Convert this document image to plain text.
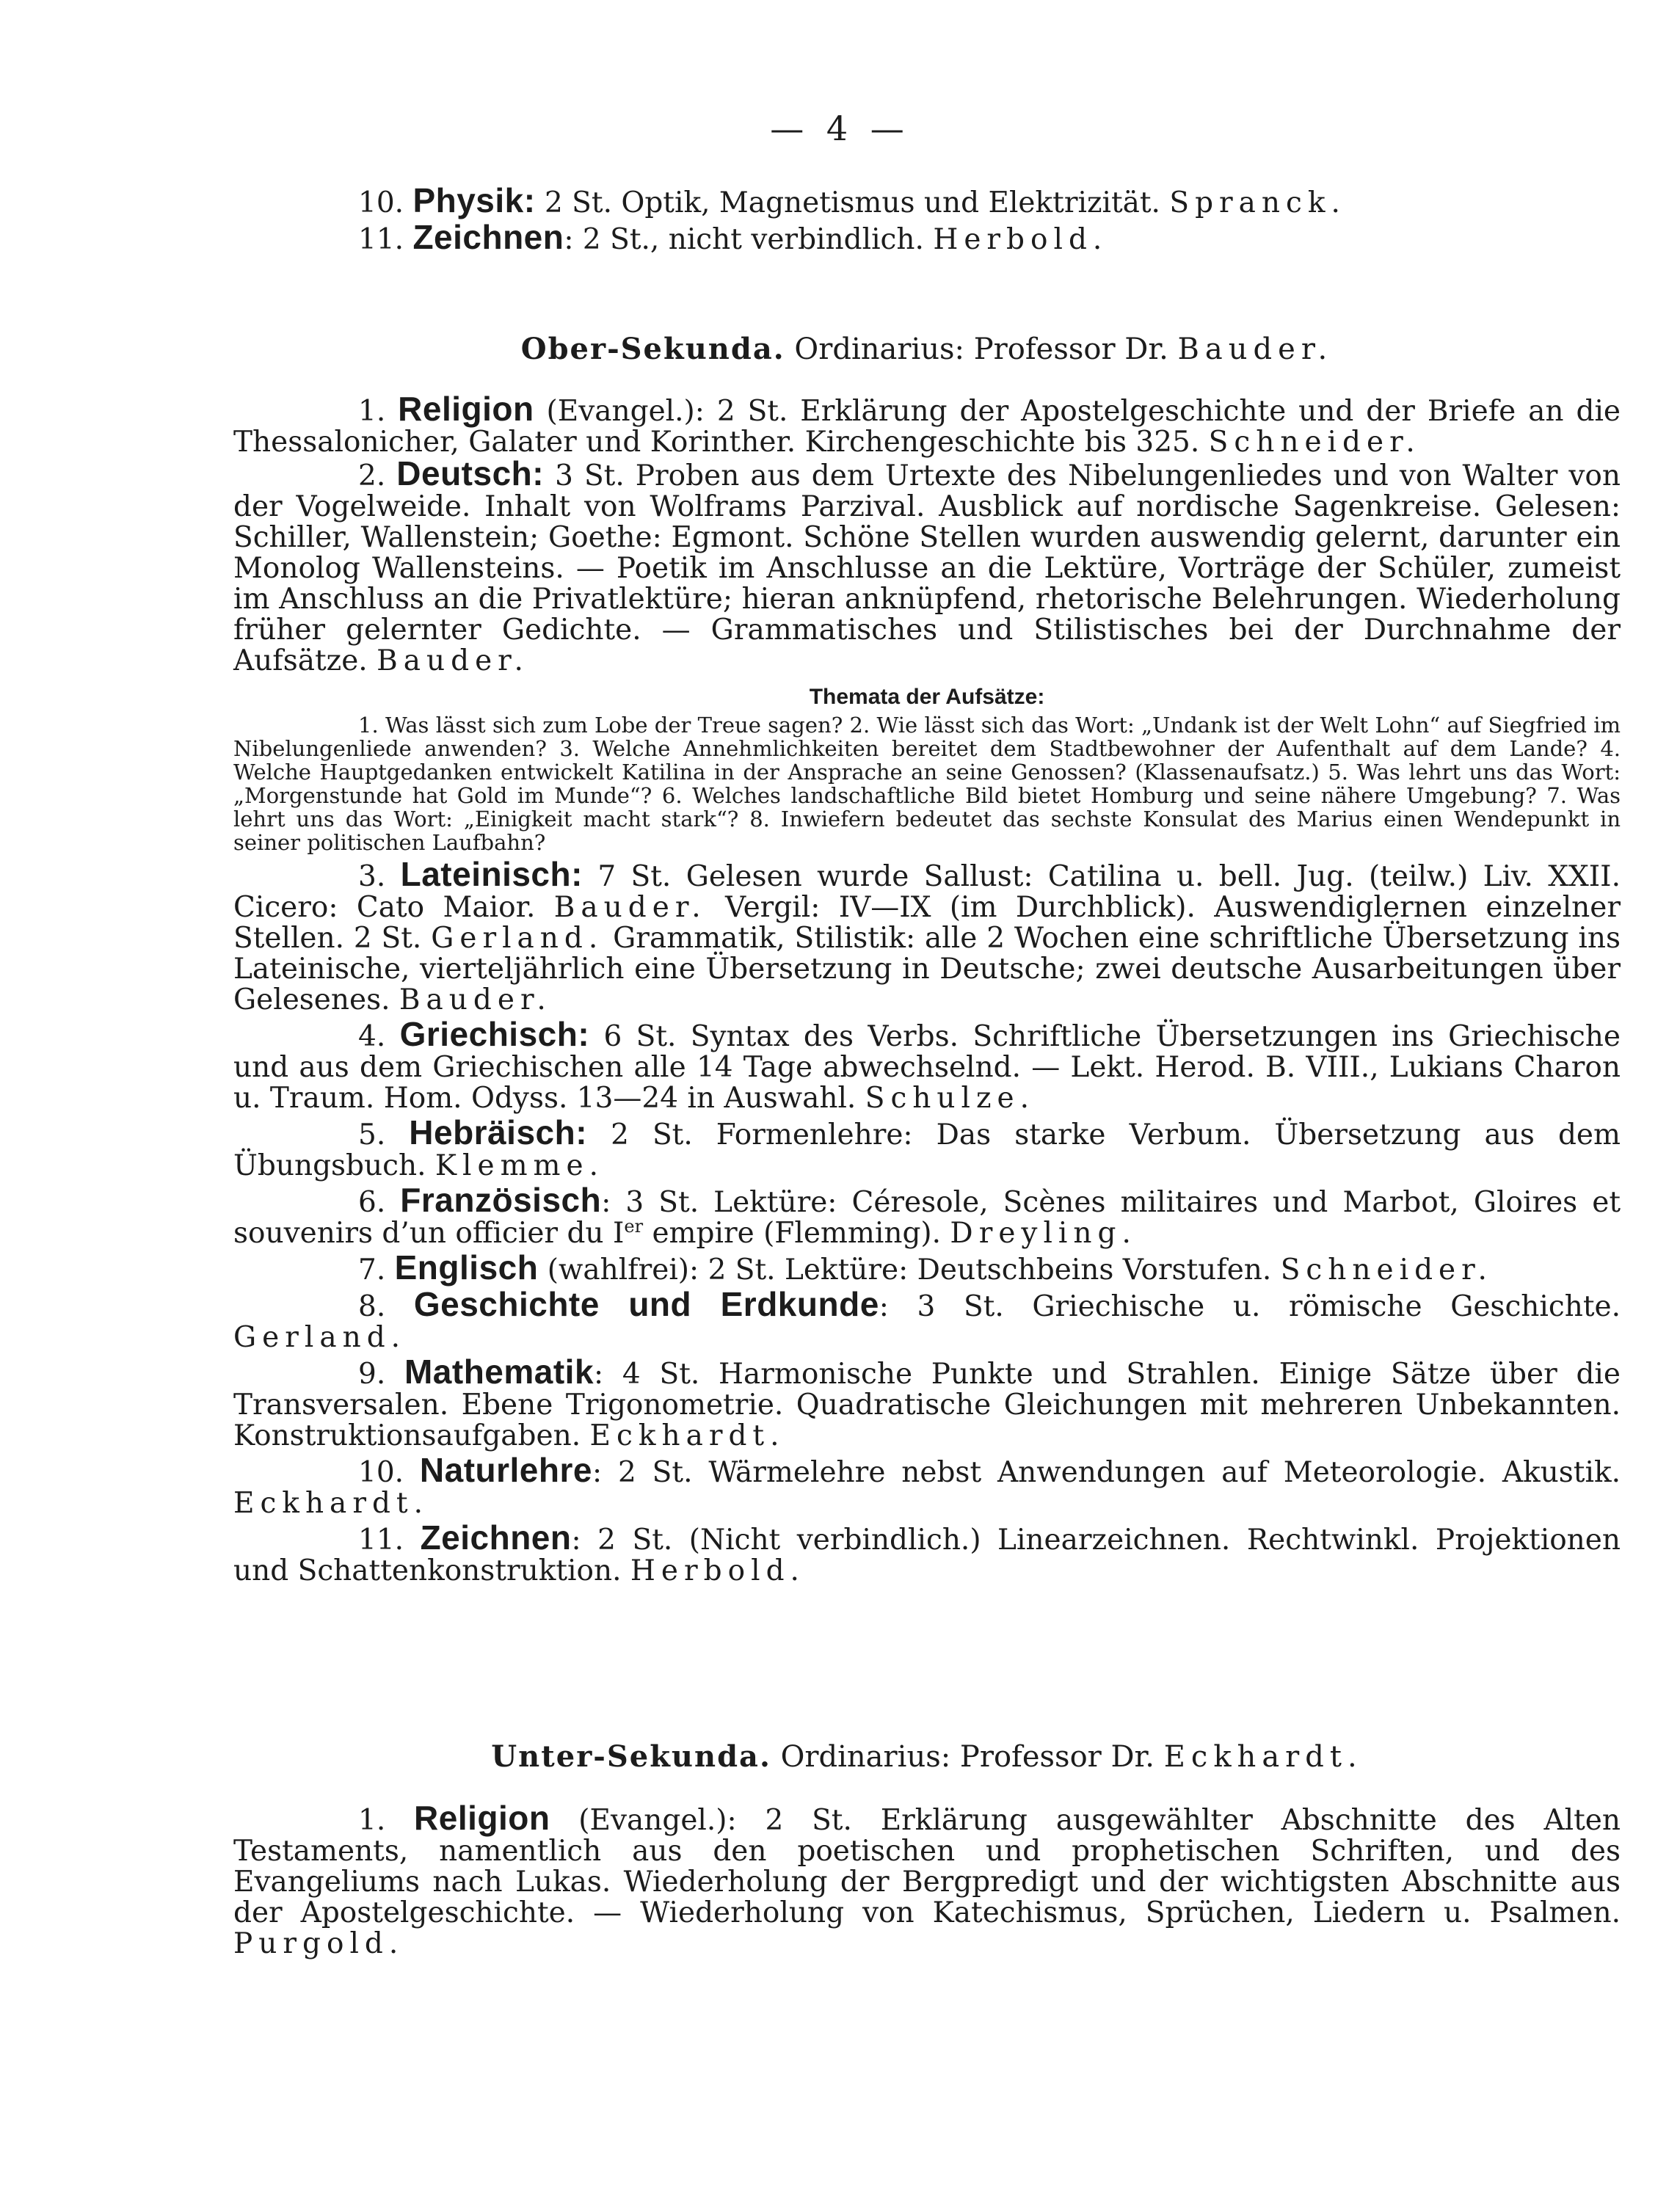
— 4 —

10. Physik: 2 St. Optik, Magnetismus und Elektrizität. Spranck.

11. Zeichnen: 2 St., nicht verbindlich. Herbold.

Ober-Sekunda. Ordinarius: Professor Dr. Bauder.

1. Religion (Evangel.): 2 St. Erklärung der Apostelgeschichte und der Briefe an die Thessalonicher, Galater und Korinther. Kirchengeschichte bis 325. Schneider.

2. Deutsch: 3 St. Proben aus dem Urtexte des Nibelungenliedes und von Walter von der Vogelweide. Inhalt von Wolframs Parzival. Ausblick auf nordische Sagenkreise. Gelesen: Schiller, Wallenstein; Goethe: Egmont. Schöne Stellen wurden auswendig gelernt, darunter ein Monolog Wallensteins. — Poetik im Anschlusse an die Lektüre, Vorträge der Schüler, zumeist im Anschluss an die Privatlektüre; hieran anknüpfend, rhetorische Belehrungen. Wiederholung früher gelernter Gedichte. — Grammatisches und Stilistisches bei der Durchnahme der Aufsätze. Bauder.

Themata der Aufsätze:

1. Was lässt sich zum Lobe der Treue sagen? 2. Wie lässt sich das Wort: „Undank ist der Welt Lohn“ auf Siegfried im Nibelungenliede anwenden? 3. Welche Annehmlichkeiten bereitet dem Stadtbewohner der Aufenthalt auf dem Lande? 4. Welche Hauptgedanken entwickelt Katilina in der Ansprache an seine Genossen? (Klassenaufsatz.) 5. Was lehrt uns das Wort: „Morgenstunde hat Gold im Munde“? 6. Welches landschaftliche Bild bietet Homburg und seine nähere Umgebung? 7. Was lehrt uns das Wort: „Einigkeit macht stark“? 8. Inwiefern bedeutet das sechste Konsulat des Marius einen Wendepunkt in seiner politischen Laufbahn?

3. Lateinisch: 7 St. Gelesen wurde Sallust: Catilina u. bell. Jug. (teilw.) Liv. XXII. Cicero: Cato Maior. Bauder. Vergil: IV—IX (im Durchblick). Auswendiglernen einzelner Stellen. 2 St. Gerland. Grammatik, Stilistik: alle 2 Wochen eine schriftliche Übersetzung ins Lateinische, vierteljährlich eine Übersetzung in Deutsche; zwei deutsche Ausarbeitungen über Gelesenes. Bauder.

4. Griechisch: 6 St. Syntax des Verbs. Schriftliche Übersetzungen ins Griechische und aus dem Griechischen alle 14 Tage abwechselnd. — Lekt. Herod. B. VIII., Lukians Charon u. Traum. Hom. Odyss. 13—24 in Auswahl. Schulze.

5. Hebräisch: 2 St. Formenlehre: Das starke Verbum. Übersetzung aus dem Übungsbuch. Klemme.

6. Französisch: 3 St. Lektüre: Céresole, Scènes militaires und Marbot, Gloires et souvenirs d’un officier du Ier empire (Flemming). Dreyling.

7. Englisch (wahlfrei): 2 St. Lektüre: Deutschbeins Vorstufen. Schneider.

8. Geschichte und Erdkunde: 3 St. Griechische u. römische Geschichte. Gerland.

9. Mathematik: 4 St. Harmonische Punkte und Strahlen. Einige Sätze über die Transversalen. Ebene Trigonometrie. Quadratische Gleichungen mit mehreren Unbekannten. Konstruktionsaufgaben. Eckhardt.

10. Naturlehre: 2 St. Wärmelehre nebst Anwendungen auf Meteorologie. Akustik. Eckhardt.

11. Zeichnen: 2 St. (Nicht verbindlich.) Linearzeichnen. Rechtwinkl. Projektionen und Schattenkonstruktion. Herbold.

Unter-Sekunda. Ordinarius: Professor Dr. Eckhardt.

1. Religion (Evangel.): 2 St. Erklärung ausgewählter Abschnitte des Alten Testaments, namentlich aus den poetischen und prophetischen Schriften, und des Evangeliums nach Lukas. Wiederholung der Bergpredigt und der wichtigsten Abschnitte aus der Apostelgeschichte. — Wiederholung von Katechismus, Sprüchen, Liedern u. Psalmen. Purgold.
